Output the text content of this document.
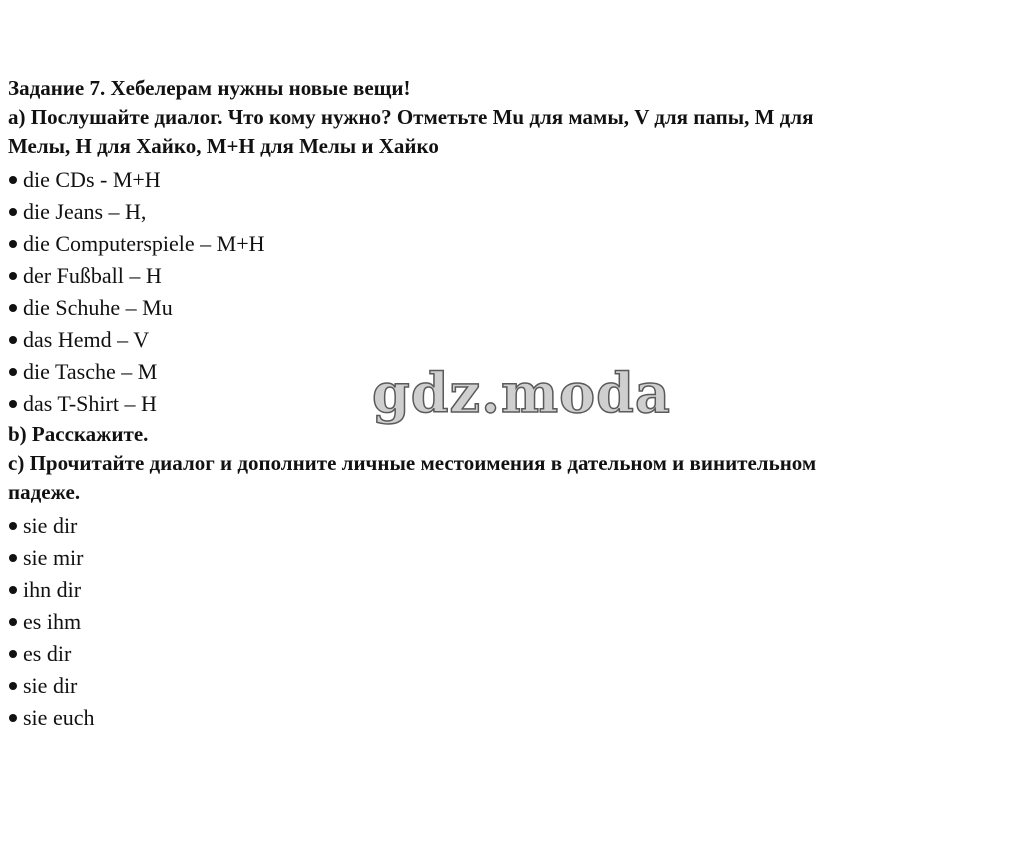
Задание 7. Хебелерам нужны новые вещи!

а) Послушайте диалог. Что кому нужно? Отметьте Mu для мамы, V для папы, M для

Мелы, H для Хайко, M+H для Мелы и Хайко

die CDs - M+H
die Jeans – H,
die Computerspiele – M+H
der Fußball – H
die Schuhe – Mu
das Hemd – V
die Tasche – M
das T-Shirt – H

b) Расскажите.

c) Прочитайте диалог и дополните личные местоимения в дательном и винительном

падеже.

sie dir
sie mir
ihn dir
es ihm
es dir
sie dir
sie euch
gdz.moda
